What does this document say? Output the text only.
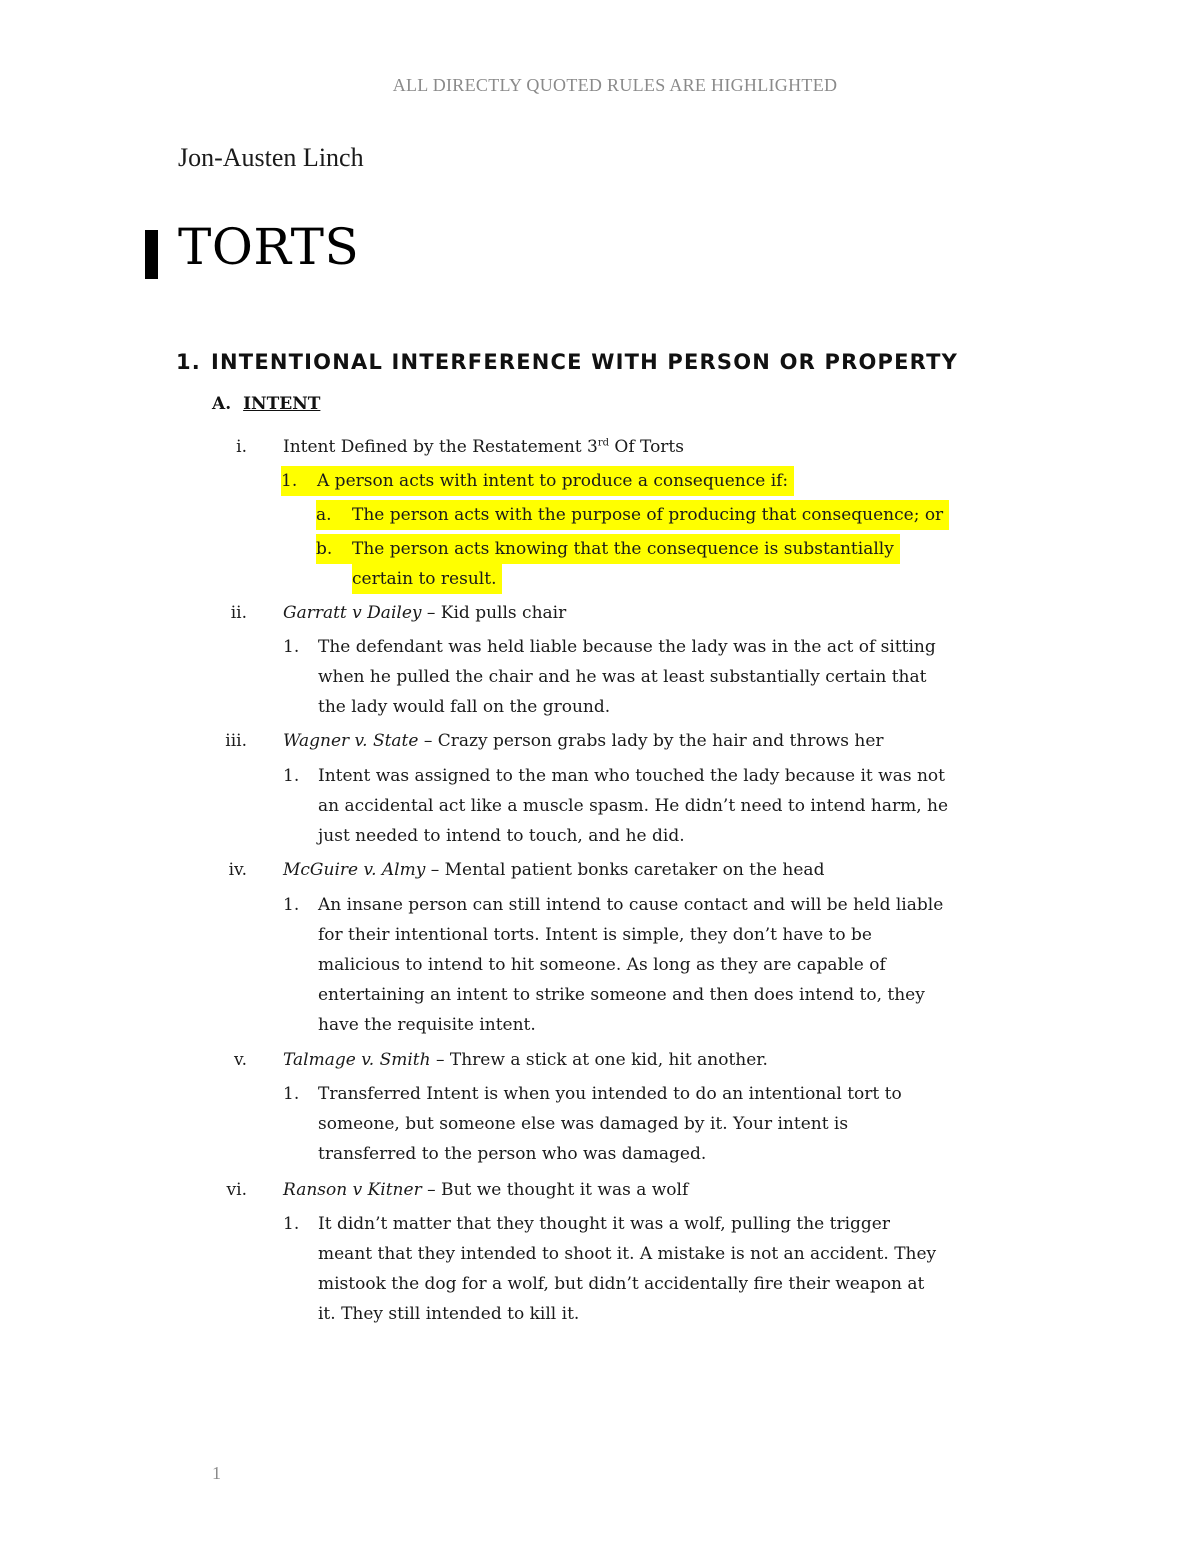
ALL DIRECTLY QUOTED RULES ARE HIGHLIGHTED
Jon-Austen Linch
TORTS
1. INTENTIONAL INTERFERENCE WITH PERSON OR PROPERTY
A. INTENT
i. Intent Defined by the Restatement 3rd Of Torts
1. A person acts with intent to produce a consequence if:
a. The person acts with the purpose of producing that consequence; or
b. The person acts knowing that the consequence is substantially
certain to result.
ii. Garratt v Dailey – Kid pulls chair
1. The defendant was held liable because the lady was in the act of sitting
when he pulled the chair and he was at least substantially certain that
the lady would fall on the ground.
iii. Wagner v. State – Crazy person grabs lady by the hair and throws her
1. Intent was assigned to the man who touched the lady because it was not
an accidental act like a muscle spasm. He didn’t need to intend harm, he
just needed to intend to touch, and he did.
iv. McGuire v. Almy – Mental patient bonks caretaker on the head
1. An insane person can still intend to cause contact and will be held liable
for their intentional torts. Intent is simple, they don’t have to be
malicious to intend to hit someone. As long as they are capable of
entertaining an intent to strike someone and then does intend to, they
have the requisite intent.
v. Talmage v. Smith – Threw a stick at one kid, hit another.
1. Transferred Intent is when you intended to do an intentional tort to
someone, but someone else was damaged by it. Your intent is
transferred to the person who was damaged.
vi. Ranson v Kitner – But we thought it was a wolf
1. It didn’t matter that they thought it was a wolf, pulling the trigger
meant that they intended to shoot it. A mistake is not an accident. They
mistook the dog for a wolf, but didn’t accidentally fire their weapon at
it. They still intended to kill it.
1
